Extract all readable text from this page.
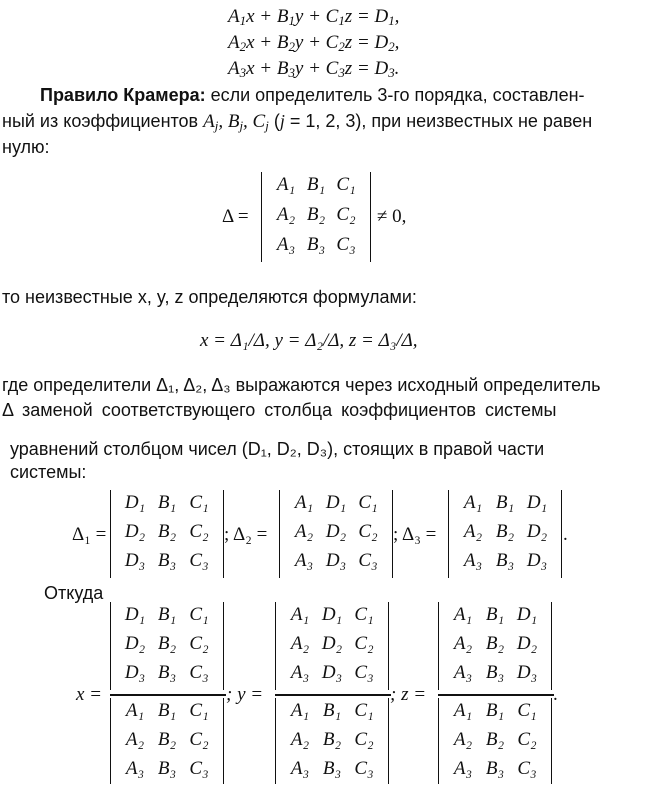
$A_1x + B_1y + C_1z = D_1$,
$A_2x + B_2y + C_2z = D_2$,
$A_3x + B_3y + C_3z = D_3$.
Правило Крамера: если определитель 3-го порядка, составлен-
ный из коэффициентов $A_j$, $B_j$, $C_j$ (j = 1, 2, 3), при неизвестных не равен
нулю:
Δ =
A₁ B₁ C₁
A₂ B₂ C₂
A₃ B₃ C₃
≠ 0,
то неизвестные x, y, z определяются формулами:
x = Δ₁/Δ, y = Δ₂/Δ, z = Δ₃/Δ,
где определители Δ₁, Δ₂, Δ₃ выражаются через исходный определитель
Δ заменой соответствующего столбца коэффициентов системы
уравнений столбцом чисел (D₁, D₂, D₃), стоящих в правой части
системы:
Δ₁ =
D₁ B₁ C₁
D₂ B₂ C₂
D₃ B₃ C₃
; Δ₂ =
A₁ D₁ C₁
A₂ D₂ C₂
A₃ D₃ C₃
; Δ₃ =
A₁ B₁ D₁
A₂ B₂ D₂
A₃ B₃ D₃
.
Откуда
x =
D₁ B₁ C₁
D₂ B₂ C₂
D₃ B₃ C₃
A₁ B₁ C₁
A₂ B₂ C₂
A₃ B₃ C₃
; y =
A₁ D₁ C₁
A₂ D₂ C₂
A₃ D₃ C₃
A₁ B₁ C₁
A₂ B₂ C₂
A₃ B₃ C₃
; z =
A₁ B₁ D₁
A₂ B₂ D₂
A₃ B₃ D₃
A₁ B₁ C₁
A₂ B₂ C₂
A₃ B₃ C₃
.
